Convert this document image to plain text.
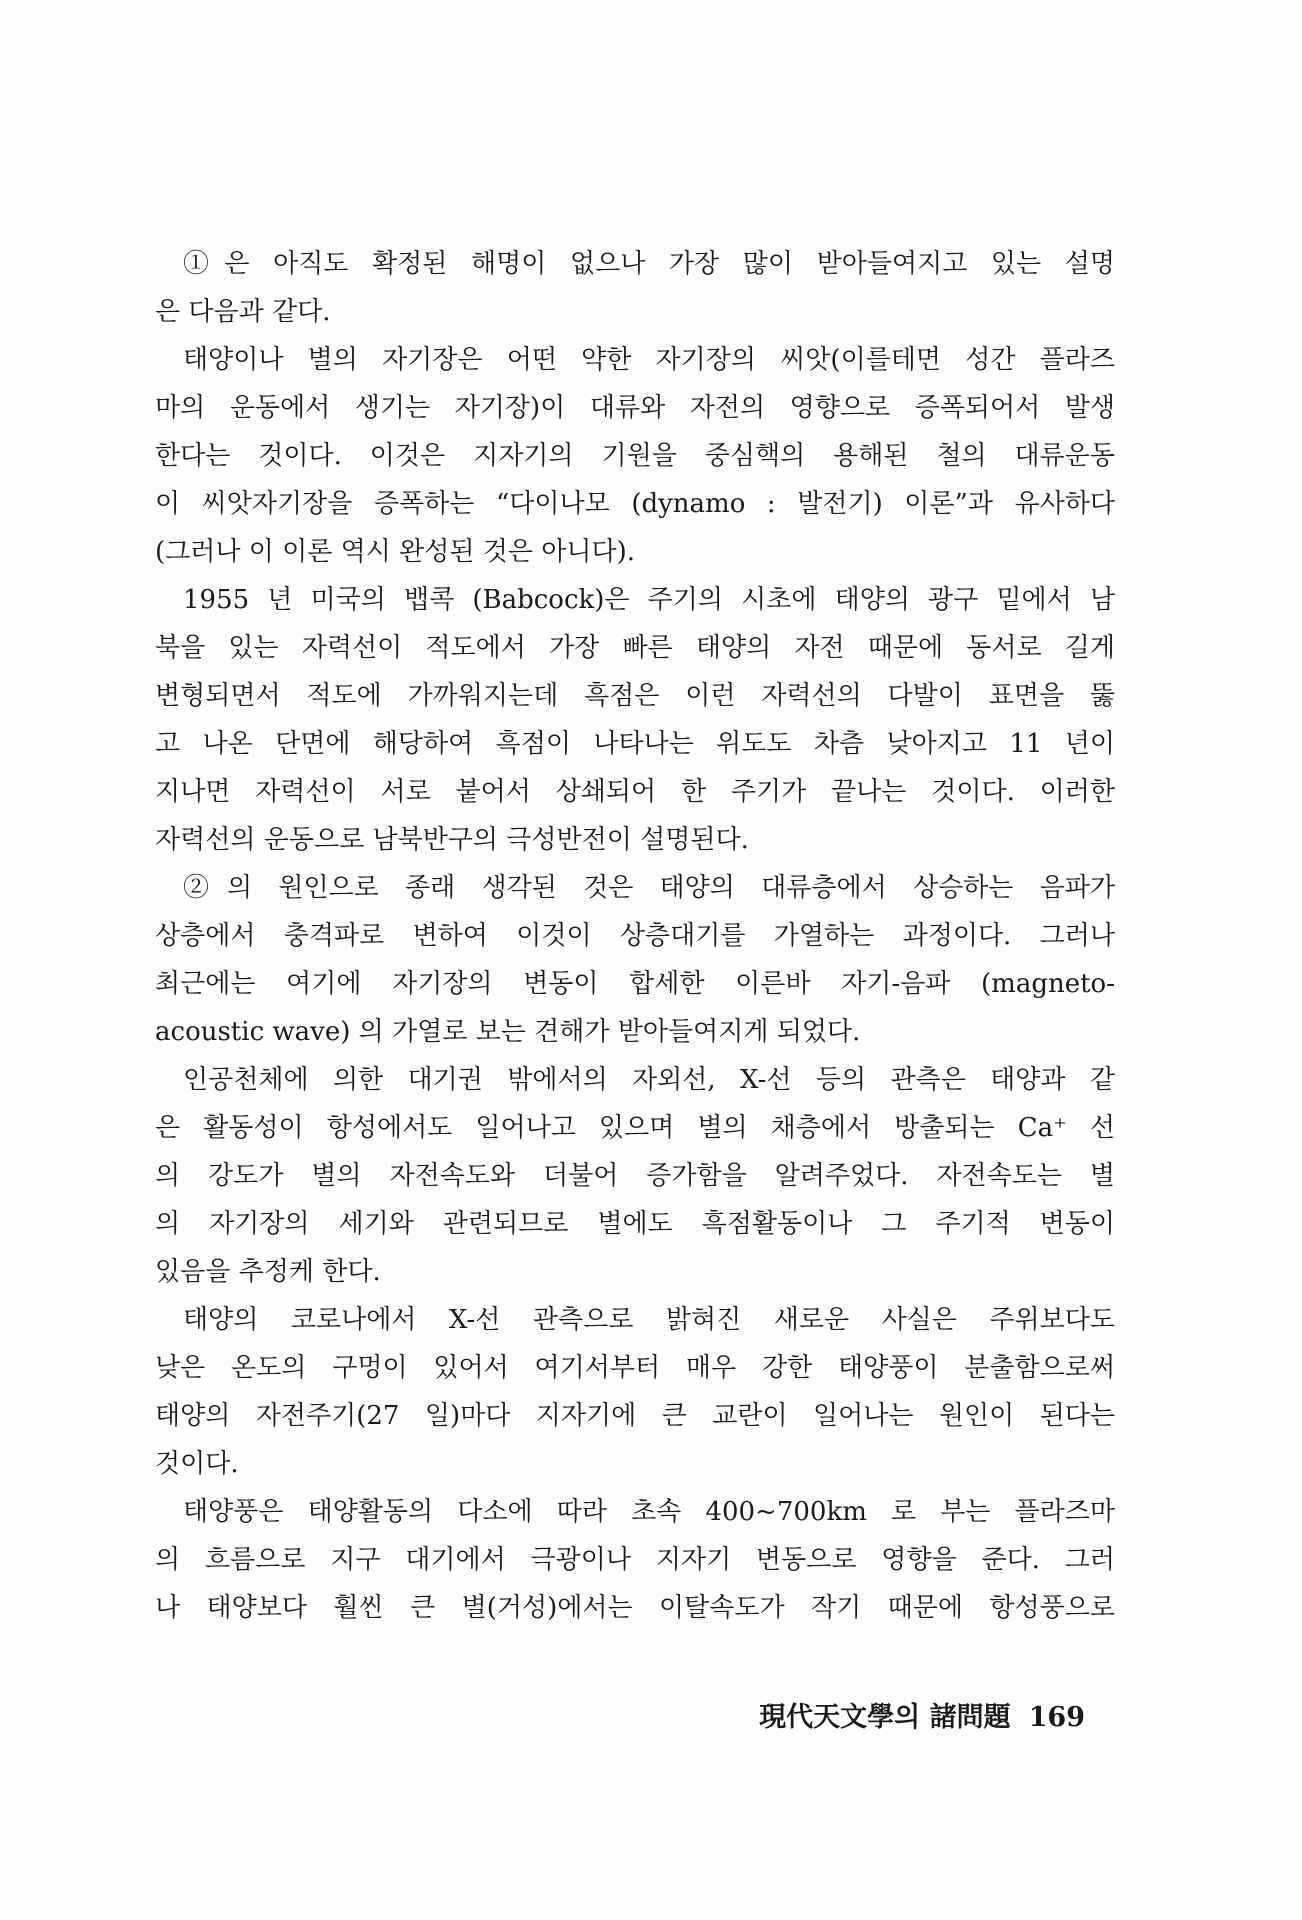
①은 아직도 확정된 해명이 없으나 가장 많이 받아들여지고 있는 설명
은 다음과 같다.
태양이나 별의 자기장은 어떤 약한 자기장의 씨앗(이를테면 성간 플라즈
마의 운동에서 생기는 자기장)이 대류와 자전의 영향으로 증폭되어서 발생
한다는 것이다. 이것은 지자기의 기원을 중심핵의 용해된 철의 대류운동
이 씨앗자기장을 증폭하는 “다이나모 (dynamo : 발전기) 이론”과 유사하다
(그러나 이 이론 역시 완성된 것은 아니다).
1955 년 미국의 뱁콕 (Babcock)은 주기의 시초에 태양의 광구 밑에서 남
북을 있는 자력선이 적도에서 가장 빠른 태양의 자전 때문에 동서로 길게
변형되면서 적도에 가까워지는데 흑점은 이런 자력선의 다발이 표면을 뚫
고 나온 단면에 해당하여 흑점이 나타나는 위도도 차츰 낮아지고 11 년이
지나면 자력선이 서로 붙어서 상쇄되어 한 주기가 끝나는 것이다. 이러한
자력선의 운동으로 남북반구의 극성반전이 설명된다.
②의 원인으로 종래 생각된 것은 태양의 대류층에서 상승하는 음파가
상층에서 충격파로 변하여 이것이 상층대기를 가열하는 과정이다. 그러나
최근에는 여기에 자기장의 변동이 합세한 이른바 자기-음파 (magneto-
acoustic wave) 의 가열로 보는 견해가 받아들여지게 되었다.
인공천체에 의한 대기권 밖에서의 자외선, X-선 등의 관측은 태양과 같
은 활동성이 항성에서도 일어나고 있으며 별의 채층에서 방출되는 Ca⁺ 선
의 강도가 별의 자전속도와 더불어 증가함을 알려주었다. 자전속도는 별
의 자기장의 세기와 관련되므로 별에도 흑점활동이나 그 주기적 변동이
있음을 추정케 한다.
태양의 코로나에서 X-선 관측으로 밝혀진 새로운 사실은 주위보다도
낮은 온도의 구멍이 있어서 여기서부터 매우 강한 태양풍이 분출함으로써
태양의 자전주기(27 일)마다 지자기에 큰 교란이 일어나는 원인이 된다는
것이다.
태양풍은 태양활동의 다소에 따라 초속 400~700km 로 부는 플라즈마
의 흐름으로 지구 대기에서 극광이나 지자기 변동으로 영향을 준다. 그러
나 태양보다 훨씬 큰 별(거성)에서는 이탈속도가 작기 때문에 항성풍으로
現代天文學의 諸問題 169
